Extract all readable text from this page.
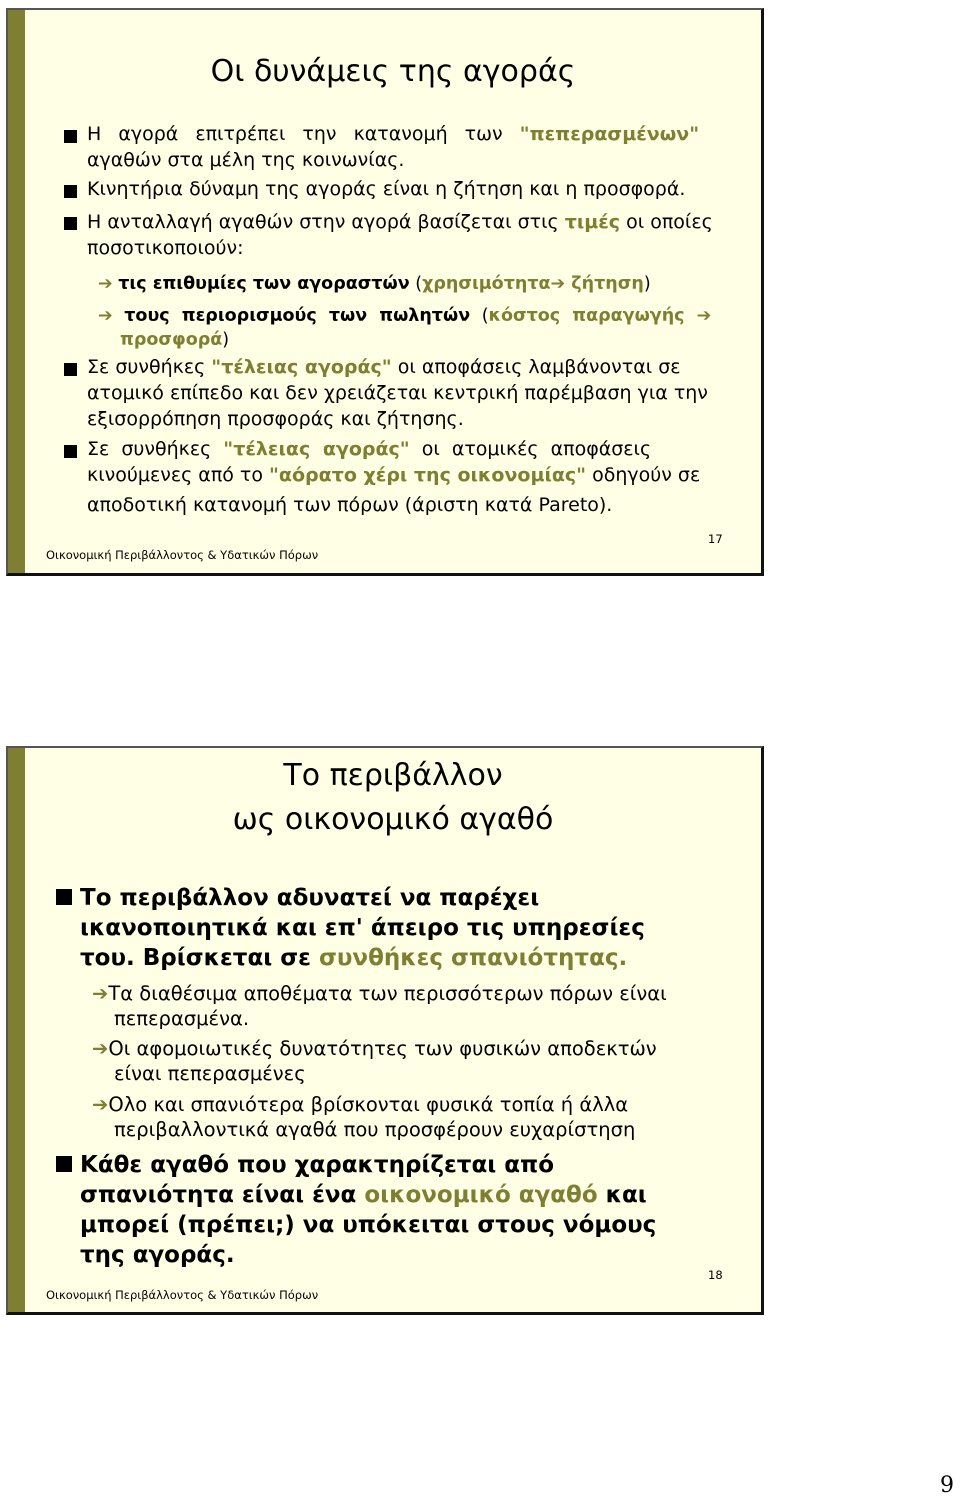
Οι δυνάμεις της αγοράς
Η αγορά επιτρέπει την κατανομή των "πεπερασμένων"
αγαθών στα μέλη της κοινωνίας.
Κινητήρια δύναμη της αγοράς είναι η ζήτηση και η προσφορά.
Η ανταλλαγή αγαθών στην αγορά βασίζεται στις τιμές οι οποίες
ποσοτικοποιούν:
➔ τις επιθυμίες των αγοραστών (χρησιμότητα➔ ζήτηση)
➔ τους περιορισμούς των πωλητών (κόστος παραγωγής ➔
προσφορά)
Σε συνθήκες "τέλειας αγοράς" οι αποφάσεις λαμβάνονται σε
ατομικό επίπεδο και δεν χρειάζεται κεντρική παρέμβαση για την
εξισορρόπηση προσφοράς και ζήτησης.
Σε συνθήκες "τέλειας αγοράς" οι ατομικές αποφάσεις
κινούμενες από το "αόρατο χέρι της οικονομίας" οδηγούν σε
αποδοτική κατανομή των πόρων (άριστη κατά Pareto).
17
Οικονομική Περιβάλλοντος & Υδατικών Πόρων
Το περιβάλλον
ως οικονομικό αγαθό
Το περιβάλλον αδυνατεί να παρέχει
ικανοποιητικά και επ' άπειρο τις υπηρεσίες
του. Βρίσκεται σε συνθήκες σπανιότητας.
➔Τα διαθέσιμα αποθέματα των περισσότερων πόρων είναι
πεπερασμένα.
➔Οι αφομοιωτικές δυνατότητες των φυσικών αποδεκτών
είναι πεπερασμένες
➔Ολο και σπανιότερα βρίσκονται φυσικά τοπία ή άλλα
περιβαλλοντικά αγαθά που προσφέρουν ευχαρίστηση
Κάθε αγαθό που χαρακτηρίζεται από
σπανιότητα είναι ένα οικονομικό αγαθό και
μπορεί (πρέπει;) να υπόκειται στους νόμους
της αγοράς.
18
Οικονομική Περιβάλλοντος & Υδατικών Πόρων
9
